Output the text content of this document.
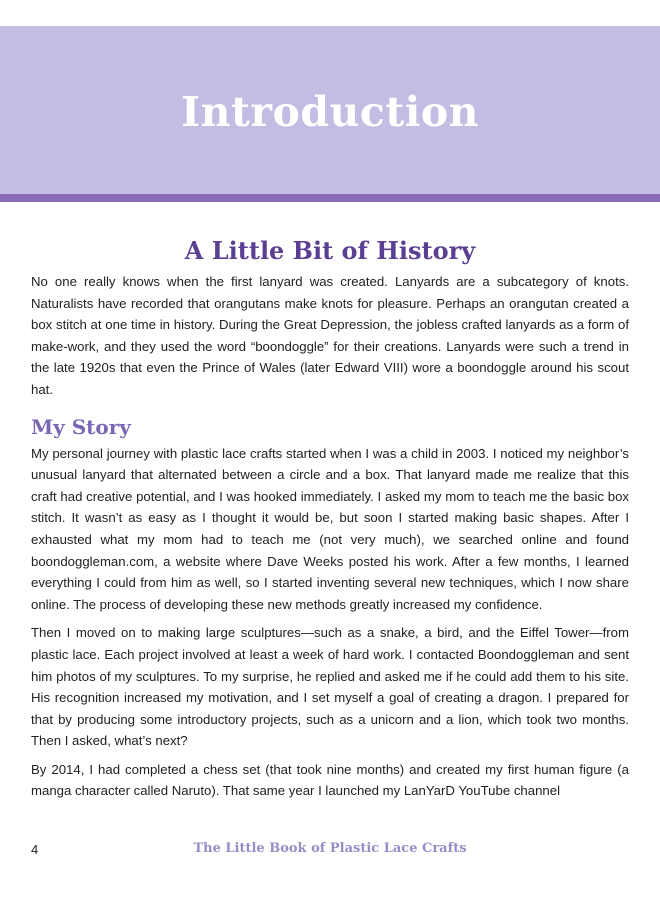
Introduction
A Little Bit of History

No one really knows when the first lanyard was created. Lanyards are a subcategory of knots. Naturalists have recorded that orangutans make knots for pleasure. Perhaps an orangutan created a box stitch at one time in history. During the Great Depression, the jobless crafted lanyards as a form of make-work, and they used the word “boondoggle” for their creations. Lanyards were such a trend in the late 1920s that even the Prince of Wales (later Edward VIII) wore a boondoggle around his scout hat.

My Story

My personal journey with plastic lace crafts started when I was a child in 2003. I noticed my neighbor’s unusual lanyard that alternated between a circle and a box. That lanyard made me realize that this craft had creative potential, and I was hooked immediately. I asked my mom to teach me the basic box stitch. It wasn’t as easy as I thought it would be, but soon I started making basic shapes. After I exhausted what my mom had to teach me (not very much), we searched online and found boondoggleman.com, a website where Dave Weeks posted his work. After a few months, I learned everything I could from him as well, so I started inventing several new techniques, which I now share online. The process of developing these new methods greatly increased my confidence.

Then I moved on to making large sculptures—such as a snake, a bird, and the Eiffel Tower—from plastic lace. Each project involved at least a week of hard work. I contacted Boondoggleman and sent him photos of my sculptures. To my surprise, he replied and asked me if he could add them to his site. His recognition increased my motivation, and I set myself a goal of creating a dragon. I prepared for that by producing some introductory projects, such as a unicorn and a lion, which took two months. Then I asked, what’s next?

By 2014, I had completed a chess set (that took nine months) and created my first human figure (a manga character called Naruto). That same year I launched my LanYarD YouTube channel

4	The Little Book of Plastic Lace Crafts
